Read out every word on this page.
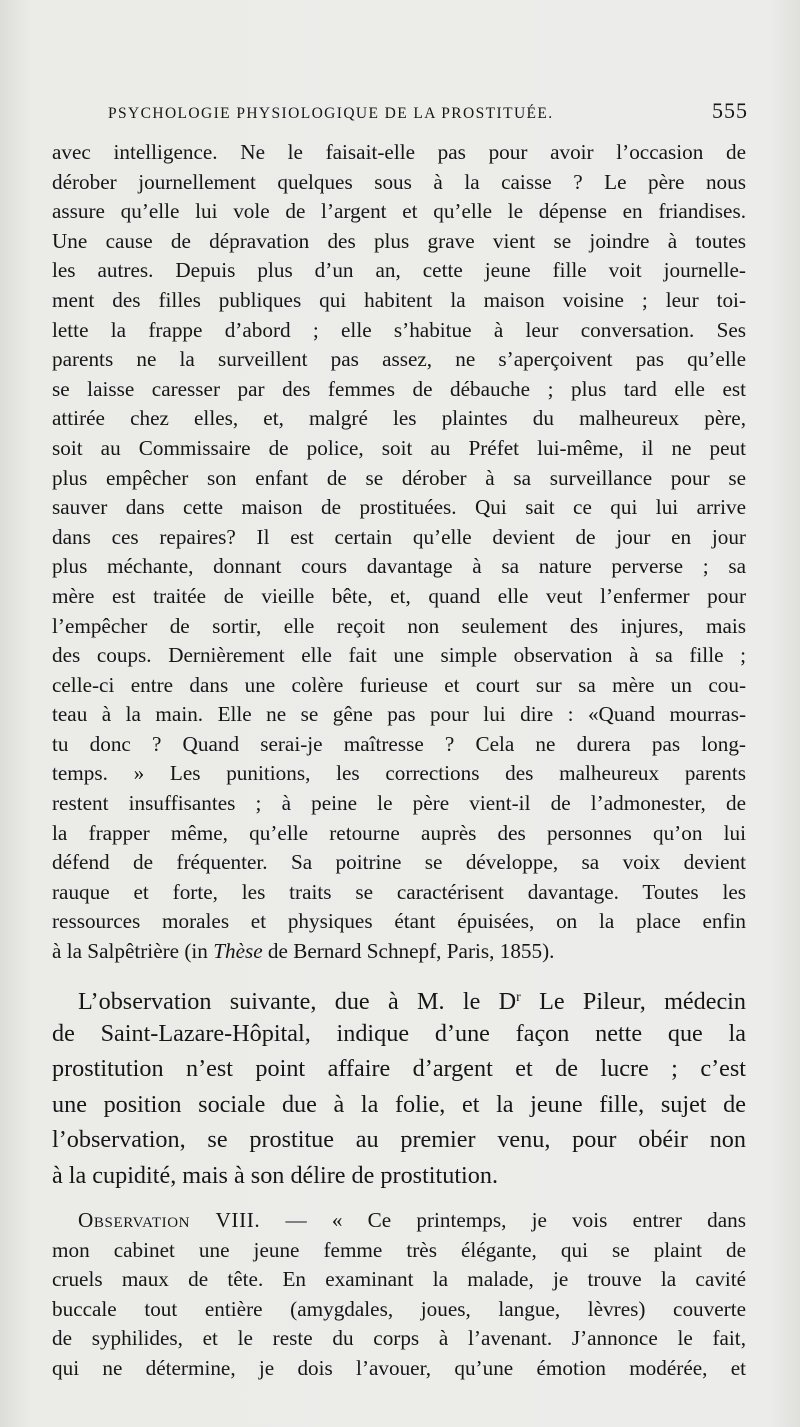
PSYCHOLOGIE PHYSIOLOGIQUE DE LA PROSTITUÉE.	555
avec intelligence. Ne le faisait-elle pas pour avoir l’occasion de
dérober journellement quelques sous à la caisse ? Le père nous
assure qu’elle lui vole de l’argent et qu’elle le dépense en friandises.
Une cause de dépravation des plus grave vient se joindre à toutes
les autres. Depuis plus d’un an, cette jeune fille voit journelle-
ment des filles publiques qui habitent la maison voisine ; leur toi-
lette la frappe d’abord ; elle s’habitue à leur conversation. Ses
parents ne la surveillent pas assez, ne s’aperçoivent pas qu’elle
se laisse caresser par des femmes de débauche ; plus tard elle est
attirée chez elles, et, malgré les plaintes du malheureux père,
soit au Commissaire de police, soit au Préfet lui-même, il ne peut
plus empêcher son enfant de se dérober à sa surveillance pour se
sauver dans cette maison de prostituées. Qui sait ce qui lui arrive
dans ces repaires? Il est certain qu’elle devient de jour en jour
plus méchante, donnant cours davantage à sa nature perverse ; sa
mère est traitée de vieille bête, et, quand elle veut l’enfermer pour
l’empêcher de sortir, elle reçoit non seulement des injures, mais
des coups. Dernièrement elle fait une simple observation à sa fille ;
celle-ci entre dans une colère furieuse et court sur sa mère un cou-
teau à la main. Elle ne se gêne pas pour lui dire : «Quand mourras-
tu donc ? Quand serai-je maîtresse ? Cela ne durera pas long-
temps. » Les punitions, les corrections des malheureux parents
restent insuffisantes ; à peine le père vient-il de l’admonester, de
la frapper même, qu’elle retourne auprès des personnes qu’on lui
défend de fréquenter. Sa poitrine se développe, sa voix devient
rauque et forte, les traits se caractérisent davantage. Toutes les
ressources morales et physiques étant épuisées, on la place enfin
à la Salpêtrière (in Thèse de Bernard Schnepf, Paris, 1855).
L’observation suivante, due à M. le $D^r$ Le Pileur, médecin
de Saint-Lazare-Hôpital, indique d’une façon nette que la
prostitution n’est point affaire d’argent et de lucre ; c’est
une position sociale due à la folie, et la jeune fille, sujet de
l’observation, se prostitue au premier venu, pour obéir non
à la cupidité, mais à son délire de prostitution.
Observation VIII. — « Ce printemps, je vois entrer dans
mon cabinet une jeune femme très élégante, qui se plaint de
cruels maux de tête. En examinant la malade, je trouve la cavité
buccale tout entière (amygdales, joues, langue, lèvres) couverte
de syphilides, et le reste du corps à l’avenant. J’annonce le fait,
qui ne détermine, je dois l’avouer, qu’une émotion modérée, et
